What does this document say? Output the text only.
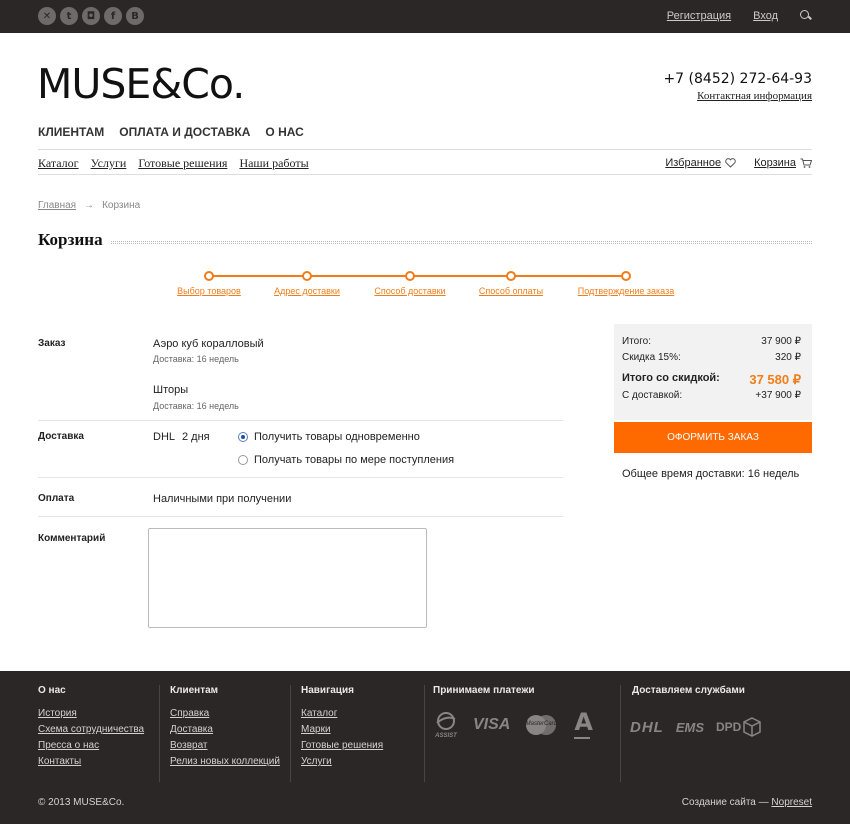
✕	t	◘	f	B	Регистрация Вход
MUSE&Co.	+7 (8452) 272-64-93
Контактная информация
КЛИЕНТАМ ОПЛАТА И ДОСТАВКА О НАС
Каталог Услуги Готовые решения Наши работы	Избранное	Корзина
Главная → Корзина
Корзина
Выбор товаров	Адрес доставки	Способ доставки	Способ оплаты	Подтверждение заказа
Заказ	Аэро куб коралловый
Доставка: 16 недель
Шторы
Доставка: 16 недель
Доставка	DHL 2 дня	Получить товары одновременно
Получать товары по мере поступления
Оплата	Наличными при получении
Комментарий
Итого:	37 900 ₽
Скидка 15%:	320 ₽
Итого со скидкой: 37 580 ₽
С доставкой:	+37 900 ₽
ОФОРМИТЬ ЗАКАЗ
Общее время доставки: 16 недель
О нас
История
Схема сотрудничества
Пресса о нас
Контакты
Клиентам
Справка
Доставка
Возврат
Релиз новых коллекций
Навигация
Каталог
Марки
Готовые решения
Услуги
Принимаем платежи	Доставляем службами
ASSIST
VISA	MasterCard А DHL EMS DPD
© 2013 MUSE&Co.	Создание сайта — Nopreset
